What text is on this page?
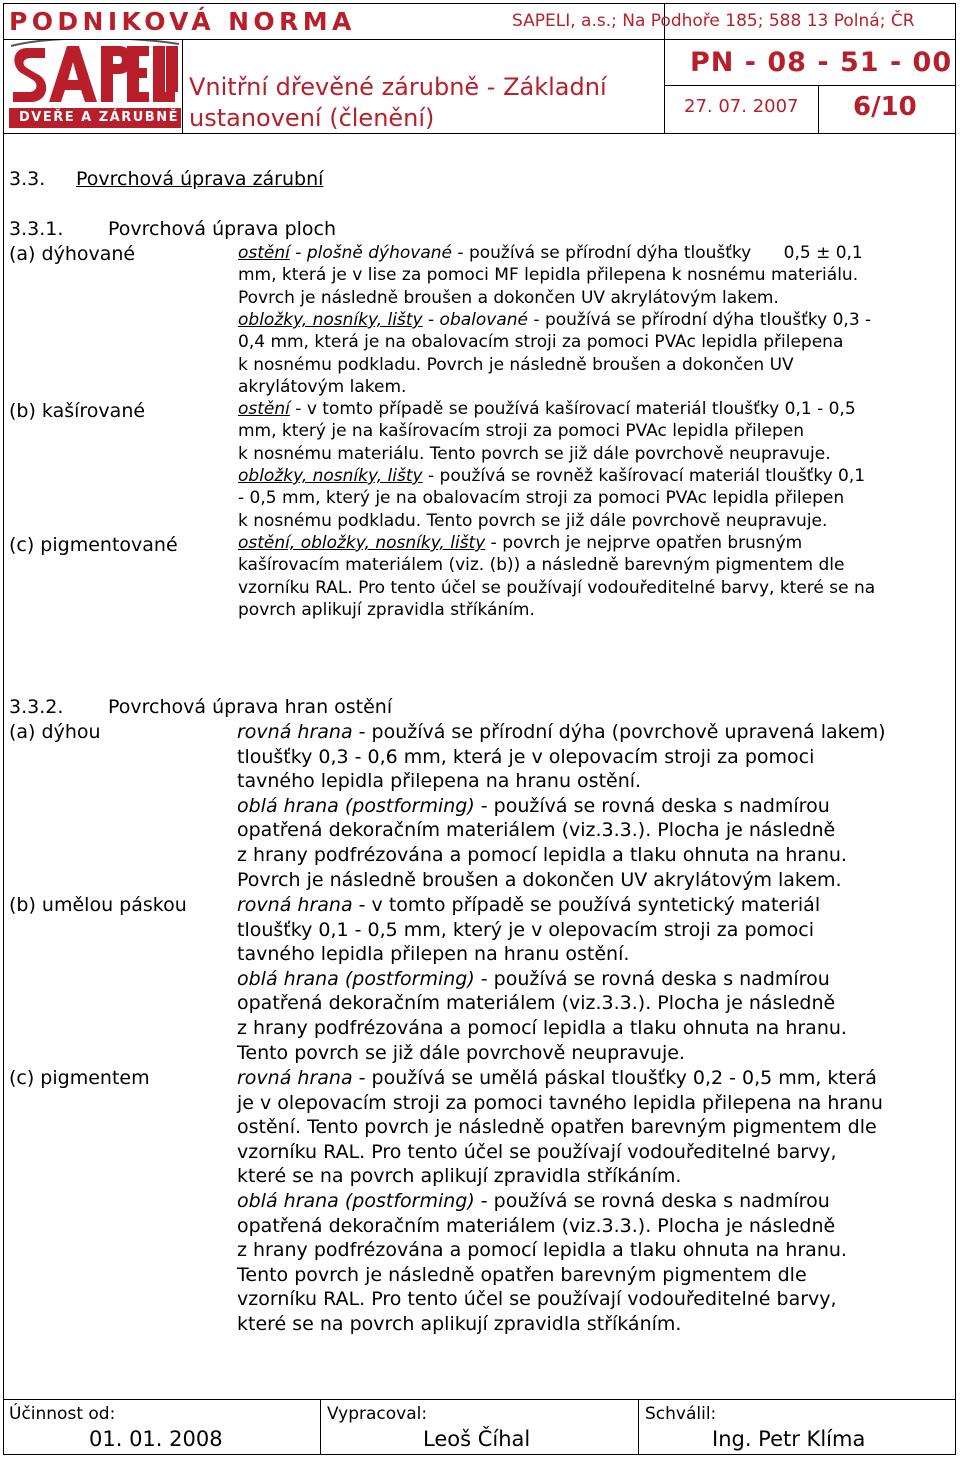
PODNIKOVÁ NORMA	SAPELI, a.s.; Na Podhoře 185; 588 13 Polná; ČR
DVEŘE A ZÁRUBNĚ
Vnitřní dřevěné zárubně - Základní ustanovení (členění)
PN - 08 - 51 - 00
27. 07. 2007 6/10
3.3. Povrchová úprava zárubní
3.3.1. Povrchová úprava ploch
(a) dýhované	ostění - plošně dýhované - používá se přírodní dýha tloušťky      0,5 ± 0,1
mm, která je v lise za pomoci MF lepidla přilepena k nosnému materiálu.
Povrch je následně broušen a dokončen UV akrylátovým lakem.
obložky, nosníky, lišty - obalované - používá se přírodní dýha tloušťky 0,3 -
0,4 mm, která je na obalovacím stroji za pomoci PVAc lepidla přilepena
k nosnému podkladu. Povrch je následně broušen a dokončen UV
akrylátovým lakem.
(b) kašírované	ostění - v tomto případě se používá kašírovací materiál tloušťky 0,1 - 0,5
mm, který je na kašírovacím stroji za pomoci PVAc lepidla přilepen
k nosnému materiálu. Tento povrch se již dále povrchově neupravuje.
obložky, nosníky, lišty - používá se rovněž kašírovací materiál tloušťky 0,1
- 0,5 mm, který je na obalovacím stroji za pomoci PVAc lepidla přilepen
k nosnému podkladu. Tento povrch se již dále povrchově neupravuje.
(c) pigmentované	ostění, obložky, nosníky, lišty - povrch je nejprve opatřen brusným
kašírovacím materiálem (viz. (b)) a následně barevným pigmentem dle
vzorníku RAL. Pro tento účel se používají vodouředitelné barvy, které se na
povrch aplikují zpravidla stříkáním.
3.3.2. Povrchová úprava hran ostění
(a) dýhou	rovná hrana - používá se přírodní dýha (povrchově upravená lakem)
tloušťky 0,3 - 0,6 mm, která je v olepovacím stroji za pomoci
tavného lepidla přilepena na hranu ostění.
oblá hrana (postforming) - používá se rovná deska s nadmírou
opatřená dekoračním materiálem (viz.3.3.). Plocha je následně
z hrany podfrézována a pomocí lepidla a tlaku ohnuta na hranu.
Povrch je následně broušen a dokončen UV akrylátovým lakem.
(b) umělou páskou	rovná hrana - v tomto případě se používá syntetický materiál
tloušťky 0,1 - 0,5 mm, který je v olepovacím stroji za pomoci
tavného lepidla přilepen na hranu ostění.
oblá hrana (postforming) - používá se rovná deska s nadmírou
opatřená dekoračním materiálem (viz.3.3.). Plocha je následně
z hrany podfrézována a pomocí lepidla a tlaku ohnuta na hranu.
Tento povrch se již dále povrchově neupravuje.
(c) pigmentem	rovná hrana - používá se umělá páskal tloušťky 0,2 - 0,5 mm, která
je v olepovacím stroji za pomoci tavného lepidla přilepena na hranu
ostění. Tento povrch je následně opatřen barevným pigmentem dle
vzorníku RAL. Pro tento účel se používají vodouředitelné barvy,
které se na povrch aplikují zpravidla stříkáním.
oblá hrana (postforming) - používá se rovná deska s nadmírou
opatřená dekoračním materiálem (viz.3.3.). Plocha je následně
z hrany podfrézována a pomocí lepidla a tlaku ohnuta na hranu.
Tento povrch je následně opatřen barevným pigmentem dle
vzorníku RAL. Pro tento účel se používají vodouředitelné barvy,
které se na povrch aplikují zpravidla stříkáním.
Účinnost od:
01. 01. 2008
Vypracoval:
Leoš Číhal
Schválil:
Ing. Petr Klíma
